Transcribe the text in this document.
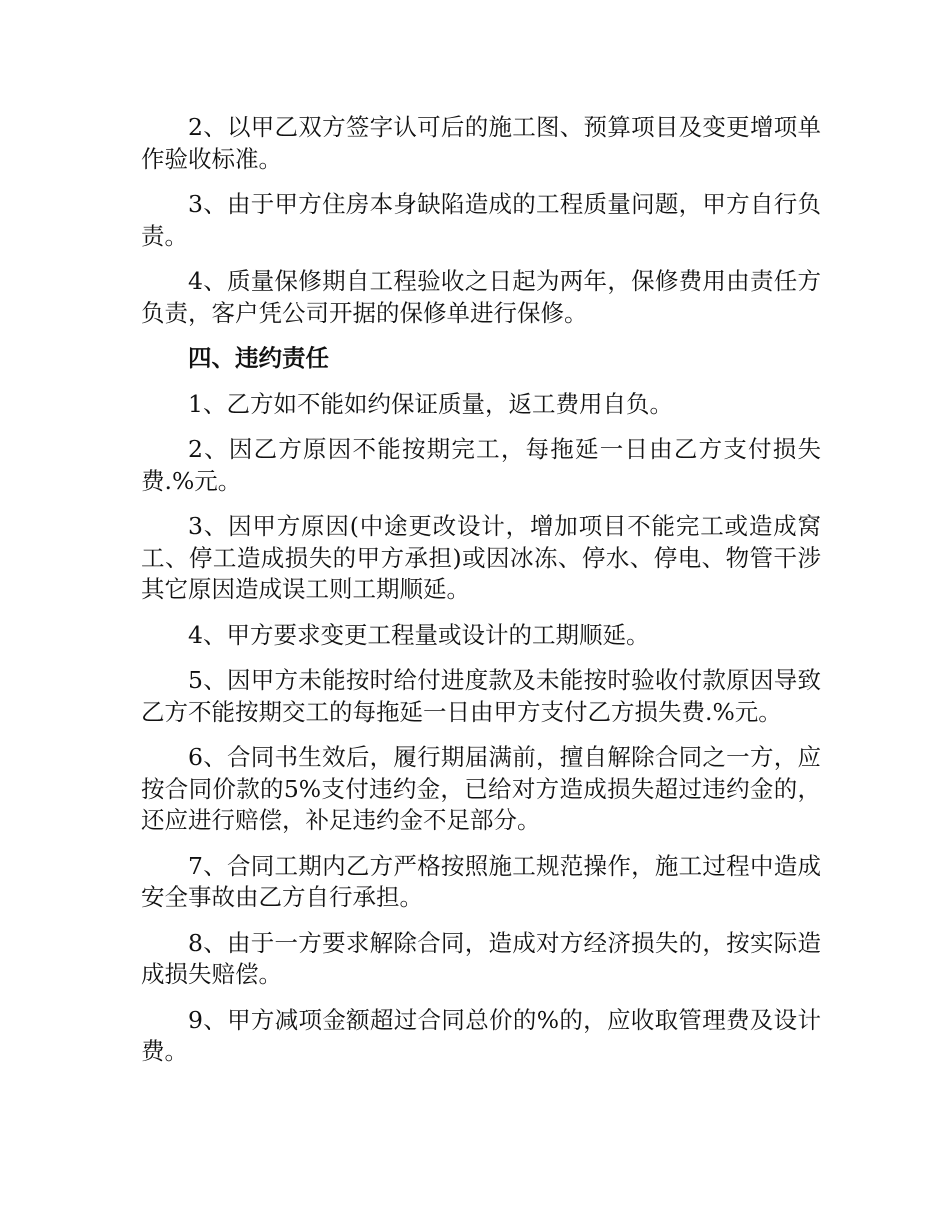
2、以甲乙双方签字认可后的施工图、预算项目及变更增项单作验收标准。

3、由于甲方住房本身缺陷造成的工程质量问题，甲方自行负责。

4、质量保修期自工程验收之日起为两年，保修费用由责任方负责，客户凭公司开据的保修单进行保修。

四、违约责任

1、乙方如不能如约保证质量，返工费用自负。

2、因乙方原因不能按期完工，每拖延一日由乙方支付损失费.%元。

3、因甲方原因(中途更改设计，增加项目不能完工或造成窝工、停工造成损失的甲方承担)或因冰冻、停水、停电、物管干涉其它原因造成误工则工期顺延。

4、甲方要求变更工程量或设计的工期顺延。

5、因甲方未能按时给付进度款及未能按时验收付款原因导致乙方不能按期交工的每拖延一日由甲方支付乙方损失费.%元。

6、合同书生效后，履行期届满前，擅自解除合同之一方，应按合同价款的5%支付违约金，已给对方造成损失超过违约金的，还应进行赔偿，补足违约金不足部分。

7、合同工期内乙方严格按照施工规范操作，施工过程中造成安全事故由乙方自行承担。

8、由于一方要求解除合同，造成对方经济损失的，按实际造成损失赔偿。

9、甲方减项金额超过合同总价的%的，应收取管理费及设计费。
